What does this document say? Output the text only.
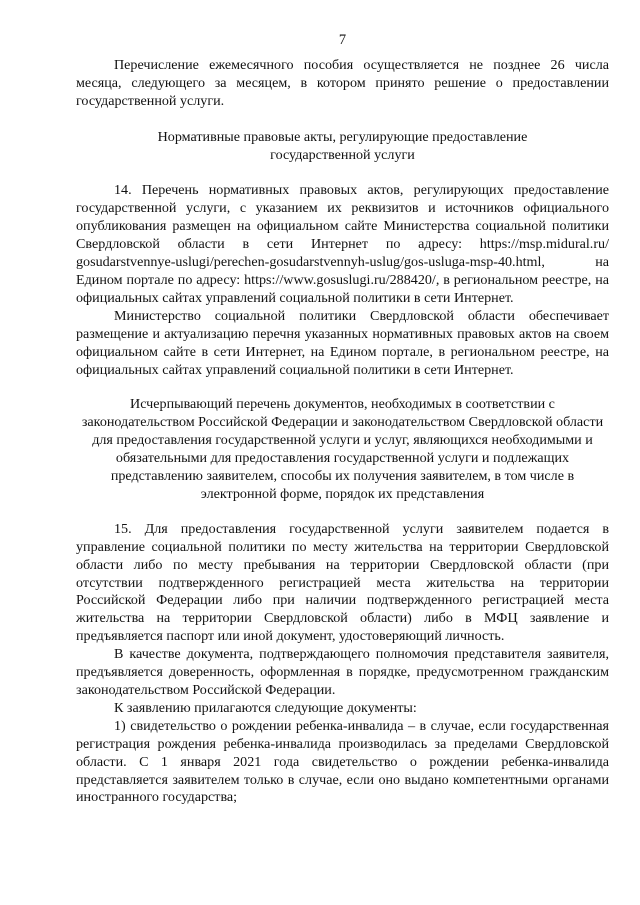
7

Перечисление ежемесячного пособия осуществляется не позднее 26 числа месяца, следующего за месяцем, в котором принято решение о предоставлении государственной услуги.

Нормативные правовые акты, регулирующие предоставление государственной услуги

14. Перечень нормативных правовых актов, регулирующих предоставление государственной услуги, с указанием их реквизитов и источников официального опубликования размещен на официальном сайте Министерства социальной политики Свердловской области в сети Интернет по адресу: https://msp.midural.ru/ gosudarstvennye-uslugi/perechen-gosudarstvennyh-uslug/gos-usluga-msp-40.html, на Едином портале по адресу: https://www.gosuslugi.ru/288420/, в региональном реестре, на официальных сайтах управлений социальной политики в сети Интернет.

Министерство социальной политики Свердловской области обеспечивает размещение и актуализацию перечня указанных нормативных правовых актов на своем официальном сайте в сети Интернет, на Едином портале, в региональном реестре, на официальных сайтах управлений социальной политики в сети Интернет.

Исчерпывающий перечень документов, необходимых в соответствии с законодательством Российской Федерации и законодательством Свердловской области для предоставления государственной услуги и услуг, являющихся необходимыми и обязательными для предоставления государственной услуги и подлежащих представлению заявителем, способы их получения заявителем, в том числе в электронной форме, порядок их представления

15. Для предоставления государственной услуги заявителем подается в управление социальной политики по месту жительства на территории Свердловской области либо по месту пребывания на территории Свердловской области (при отсутствии подтвержденного регистрацией места жительства на территории Российской Федерации либо при наличии подтвержденного регистрацией места жительства на территории Свердловской области) либо в МФЦ заявление и предъявляется паспорт или иной документ, удостоверяющий личность.

В качестве документа, подтверждающего полномочия представителя заявителя, предъявляется доверенность, оформленная в порядке, предусмотренном гражданским законодательством Российской Федерации.

К заявлению прилагаются следующие документы:

1) свидетельство о рождении ребенка-инвалида – в случае, если государственная регистрация рождения ребенка-инвалида производилась за пределами Свердловской области. С 1 января 2021 года свидетельство о рождении ребенка-инвалида представляется заявителем только в случае, если оно выдано компетентными органами иностранного государства;
